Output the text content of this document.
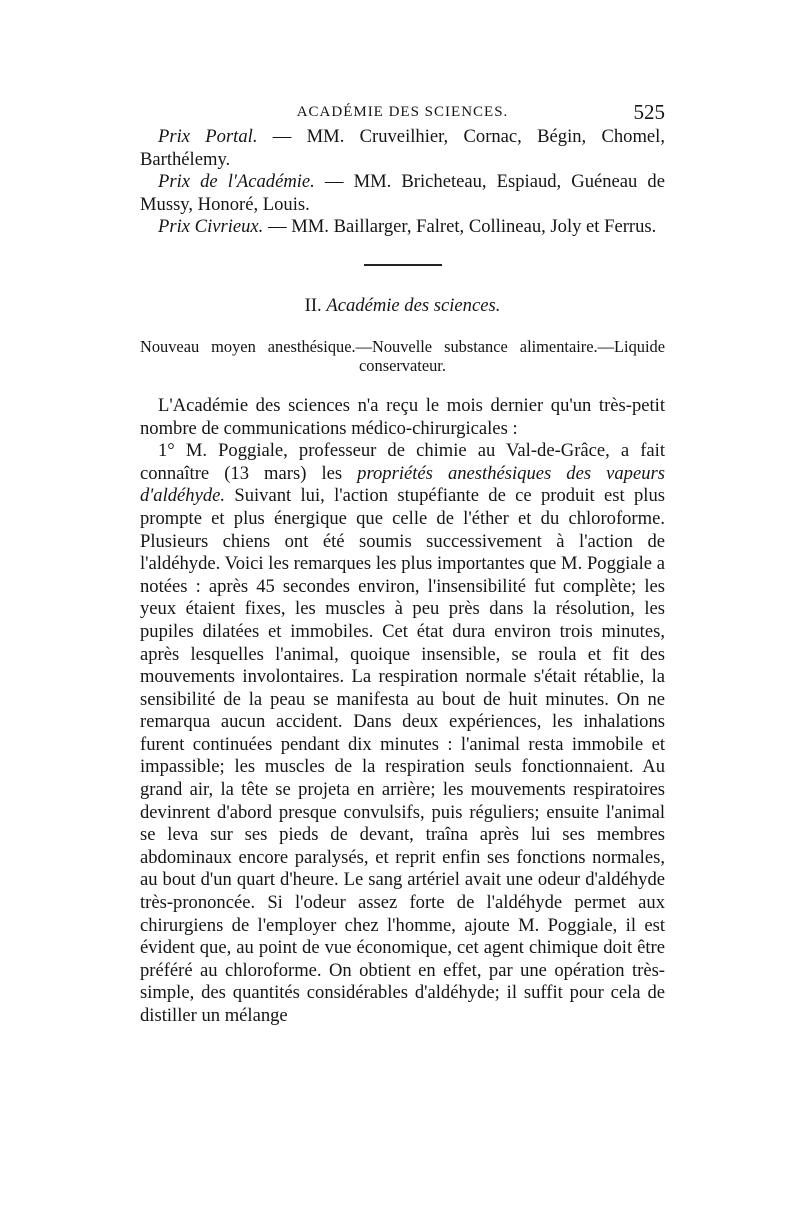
ACADÉMIE DES SCIENCES.	525

Prix Portal. — MM. Cruveilhier, Cornac, Bégin, Chomel, Barthélemy.

Prix de l'Académie. — MM. Bricheteau, Espiaud, Guéneau de Mussy, Honoré, Louis.

Prix Civrieux. — MM. Baillarger, Falret, Collineau, Joly et Ferrus.

II. Académie des sciences.
Nouveau moyen anesthésique.—Nouvelle substance alimentaire.—Liquide
conservateur.

L'Académie des sciences n'a reçu le mois dernier qu'un très-petit nombre de communications médico-chirurgicales :

1° M. Poggiale, professeur de chimie au Val-de-Grâce, a fait connaître (13 mars) les propriétés anesthésiques des vapeurs d'aldéhyde. Suivant lui, l'action stupéfiante de ce produit est plus prompte et plus énergique que celle de l'éther et du chloroforme. Plusieurs chiens ont été soumis successivement à l'action de l'aldéhyde. Voici les remarques les plus importantes que M. Poggiale a notées : après 45 secondes environ, l'insensibilité fut complète; les yeux étaient fixes, les muscles à peu près dans la résolution, les pupiles dilatées et immobiles. Cet état dura environ trois minutes, après lesquelles l'animal, quoique insensible, se roula et fit des mouvements involontaires. La respiration normale s'était rétablie, la sensibilité de la peau se manifesta au bout de huit minutes. On ne remarqua aucun accident. Dans deux expériences, les inhalations furent continuées pendant dix minutes : l'animal resta immobile et impassible; les muscles de la respiration seuls fonctionnaient. Au grand air, la tête se projeta en arrière; les mouvements respiratoires devinrent d'abord presque convulsifs, puis réguliers; ensuite l'animal se leva sur ses pieds de devant, traîna après lui ses membres abdominaux encore paralysés, et reprit enfin ses fonctions normales, au bout d'un quart d'heure. Le sang artériel avait une odeur d'aldéhyde très-prononcée. Si l'odeur assez forte de l'aldéhyde permet aux chirurgiens de l'employer chez l'homme, ajoute M. Poggiale, il est évident que, au point de vue économique, cet agent chimique doit être préféré au chloroforme. On obtient en effet, par une opération très-simple, des quantités considérables d'aldéhyde; il suffit pour cela de distiller un mélange
